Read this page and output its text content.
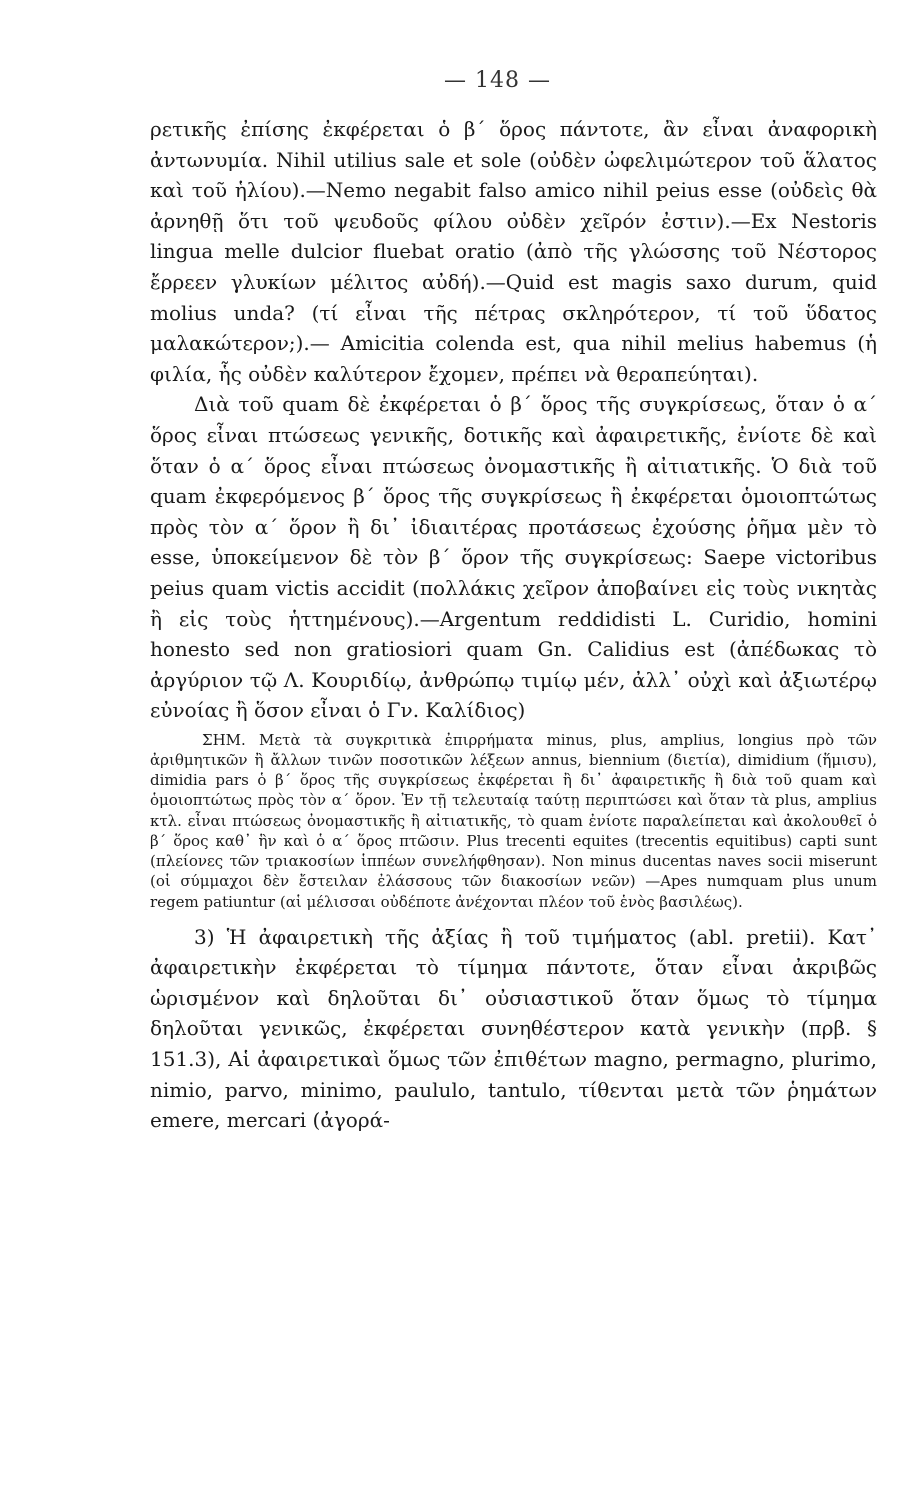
— 148 —

ρετικῆς ἐπίσης ἐκφέρεται ὁ β΄ ὅρος πάντοτε, ἂν εἶναι ἀναφορικὴ ἀντωνυμία. Nihil utilius sale et sole (οὐδὲν ὠφελιμώτερον τοῦ ἅλατος καὶ τοῦ ἡλίου).—Nemo negabit falso amico nihil peius esse (οὐδεὶς θὰ ἀρνηθῇ ὅτι τοῦ ψευδοῦς φίλου οὐδὲν χεῖρόν ἐστιν).—Ex Nestoris lingua melle dulcior fluebat oratio (ἀπὸ τῆς γλώσσης τοῦ Νέστορος ἔρρεεν γλυκίων μέλιτος αὐδή).—Quid est magis saxo durum, quid molius unda? (τί εἶναι τῆς πέτρας σκληρότερον, τί τοῦ ὕδατος μαλακώτερον;).— Amicitia colenda est, qua nihil melius habemus (ἡ φιλία, ἧς οὐδὲν καλύτερον ἔχομεν, πρέπει νὰ θεραπεύηται).

Διὰ τοῦ quam δὲ ἐκφέρεται ὁ β΄ ὅρος τῆς συγκρίσεως, ὅταν ὁ α΄ ὅρος εἶναι πτώσεως γενικῆς, δοτικῆς καὶ ἀφαιρετικῆς, ἐνίοτε δὲ καὶ ὅταν ὁ α΄ ὅρος εἶναι πτώσεως ὀνομαστικῆς ἢ αἰτιατικῆς. Ὁ διὰ τοῦ quam ἐκφερόμενος β΄ ὅρος τῆς συγκρίσεως ἢ ἐκφέρεται ὁμοιοπτώτως πρὸς τὸν α΄ ὅρον ἢ δι᾽ ἰδιαιτέρας προτάσεως ἐχούσης ῥῆμα μὲν τὸ esse, ὑποκείμενον δὲ τὸν β΄ ὅρον τῆς συγκρίσεως: Saepe victoribus peius quam victis accidit (πολλάκις χεῖρον ἀποβαίνει εἰς τοὺς νικητὰς ἢ εἰς τοὺς ἡττημένους).—Argentum reddidisti L. Curidio, homini honesto sed non gratiosiori quam Gn. Calidius est (ἀπέδωκας τὸ ἀργύριον τῷ Λ. Κουριδίῳ, ἀνθρώπῳ τιμίῳ μέν, ἀλλ᾽ οὐχὶ καὶ ἀξιωτέρῳ εὐνοίας ἢ ὅσον εἶναι ὁ Γν. Καλίδιος)

ΣΗΜ. Μετὰ τὰ συγκριτικὰ ἐπιρρήματα minus, plus, amplius, longius πρὸ τῶν ἀριθμητικῶν ἢ ἄλλων τινῶν ποσοτικῶν λέξεων annus, biennium (διετία), dimidium (ἥμισυ), dimidia pars ὁ β΄ ὅρος τῆς συγκρίσεως ἐκφέρεται ἢ δι᾽ ἀφαιρετικῆς ἢ διὰ τοῦ quam καὶ ὁμοιοπτώτως πρὸς τὸν α΄ ὅρον. Ἐν τῇ τελευταίᾳ ταύτῃ περιπτώσει καὶ ὅταν τὰ plus, amplius κτλ. εἶναι πτώσεως ὀνομαστικῆς ἢ αἰτιατικῆς, τὸ quam ἐνίοτε παραλείπεται καὶ ἀκολουθεῖ ὁ β΄ ὅρος καθ᾽ ἣν καὶ ὁ α΄ ὅρος πτῶσιν. Plus trecenti equites (trecentis equitibus) capti sunt (πλείονες τῶν τριακοσίων ἱππέων συνελήφθησαν). Non minus ducentas naves socii miserunt (οἱ σύμμαχοι δὲν ἔστειλαν ἐλάσσους τῶν διακοσίων νεῶν) —Apes numquam plus unum regem patiuntur (αἱ μέλισσαι οὐδέποτε ἀνέχονται πλέον τοῦ ἑνὸς βασιλέως).

3) Ἡ ἀφαιρετικὴ τῆς ἀξίας ἢ τοῦ τιμήματος (abl. pretii). Κατ᾽ ἀφαιρετικὴν ἐκφέρεται τὸ τίμημα πάντοτε, ὅταν εἶναι ἀκριβῶς ὡρισμένον καὶ δηλοῦται δι᾽ οὐσιαστικοῦ ὅταν ὅμως τὸ τίμημα δηλοῦται γενικῶς, ἐκφέρεται συνηθέστερον κατὰ γενικὴν (πρβ. § 151.3), Αἱ ἀφαιρετικαὶ ὅμως τῶν ἐπιθέτων magno, permagno, plurimo, nimio, parvo, minimo, paululo, tantulo, τίθενται μετὰ τῶν ῥημάτων emere, mercari (ἀγορά-
